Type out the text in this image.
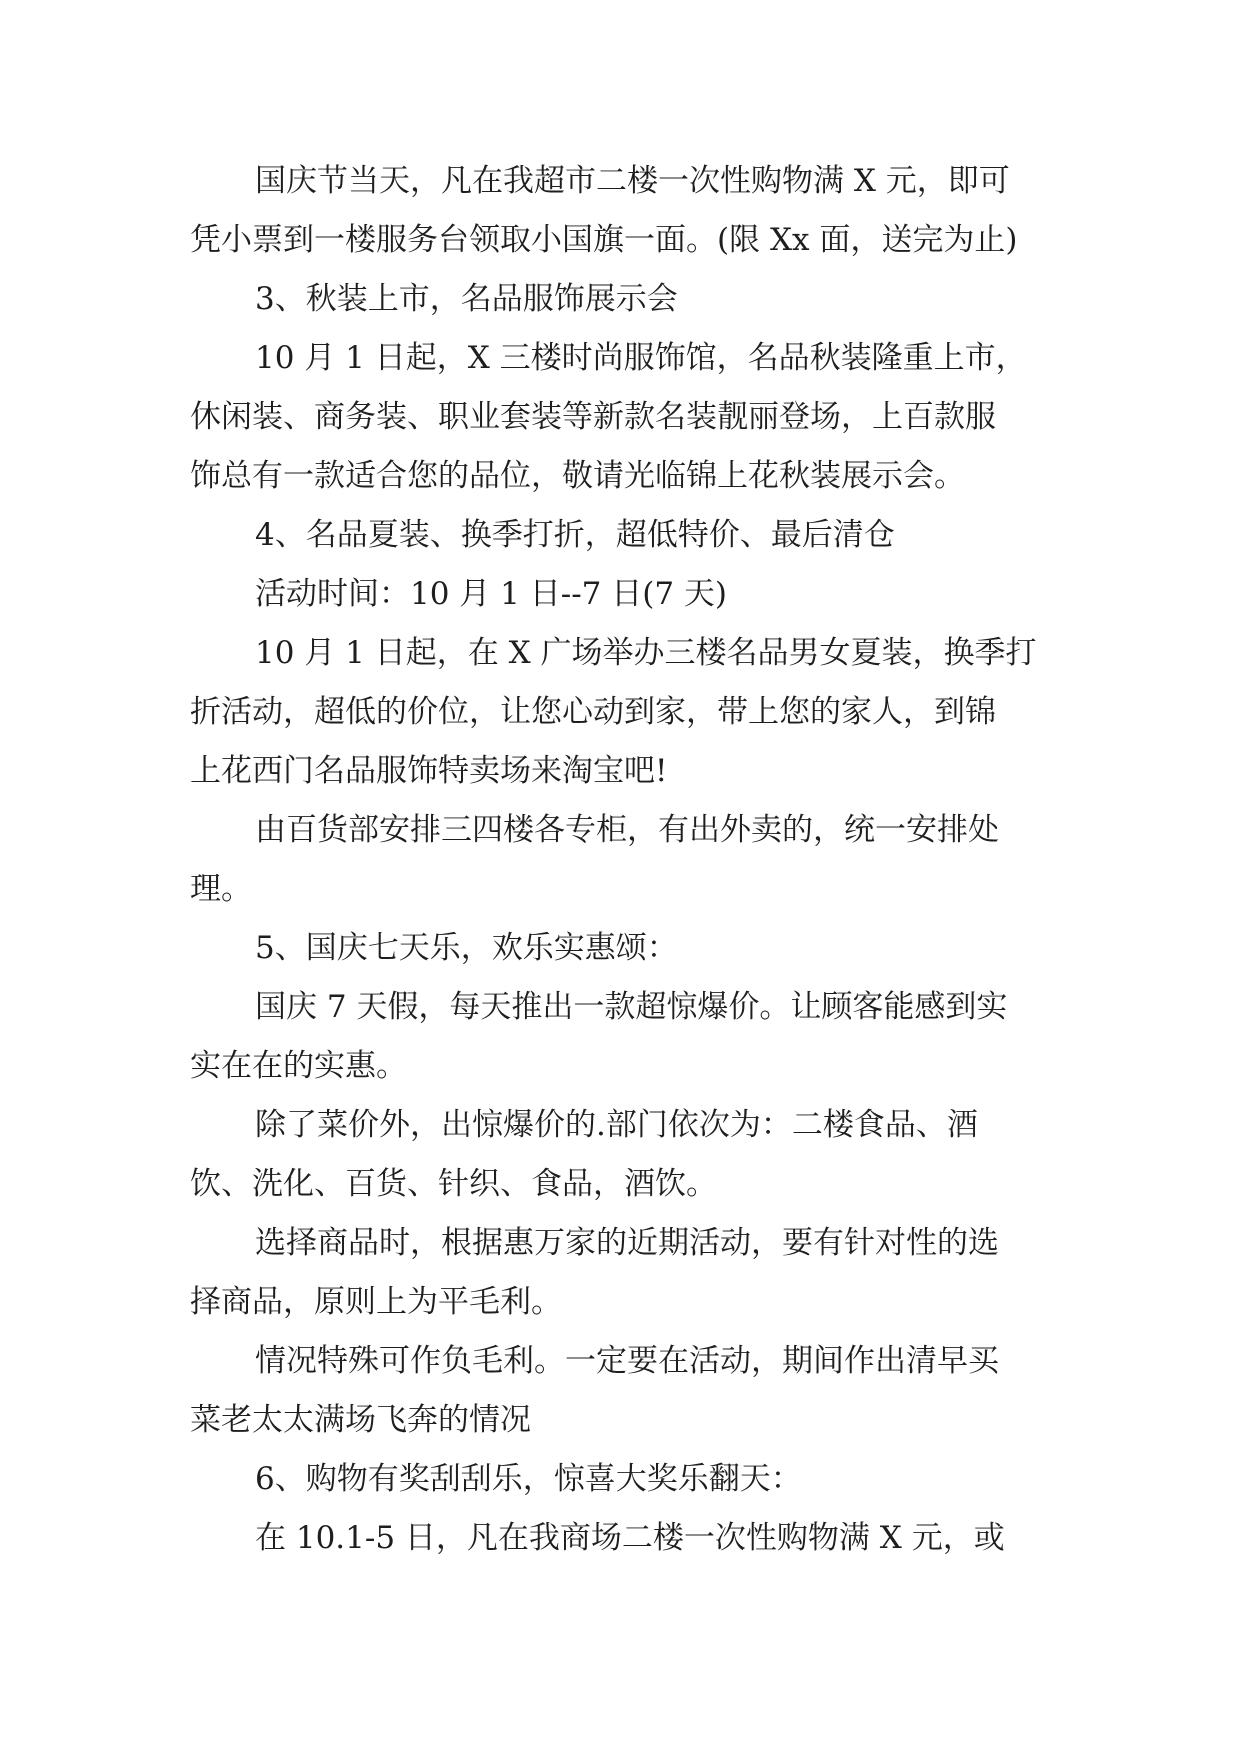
国庆节当天，凡在我超市二楼一次性购物满 X 元，即可
凭小票到一楼服务台领取小国旗一面。(限 Xx 面，送完为止)
3、秋装上市，名品服饰展示会
10 月 1 日起，X 三楼时尚服饰馆，名品秋装隆重上市，
休闲装、商务装、职业套装等新款名装靓丽登场，上百款服
饰总有一款适合您的品位，敬请光临锦上花秋装展示会。
4、名品夏装、换季打折，超低特价、最后清仓
活动时间：10 月 1 日--7 日(7 天)
10 月 1 日起，在 X 广场举办三楼名品男女夏装，换季打
折活动，超低的价位，让您心动到家，带上您的家人，到锦
上花西门名品服饰特卖场来淘宝吧!
由百货部安排三四楼各专柜，有出外卖的，统一安排处
理。
5、国庆七天乐，欢乐实惠颂：
国庆 7 天假，每天推出一款超惊爆价。让顾客能感到实
实在在的实惠。
除了菜价外，出惊爆价的.部门依次为：二楼食品、酒
饮、洗化、百货、针织、食品，酒饮。
选择商品时，根据惠万家的近期活动，要有针对性的选
择商品，原则上为平毛利。
情况特殊可作负毛利。一定要在活动，期间作出清早买
菜老太太满场飞奔的情况
6、购物有奖刮刮乐，惊喜大奖乐翻天：
在 10.1-5 日，凡在我商场二楼一次性购物满 X 元，或
